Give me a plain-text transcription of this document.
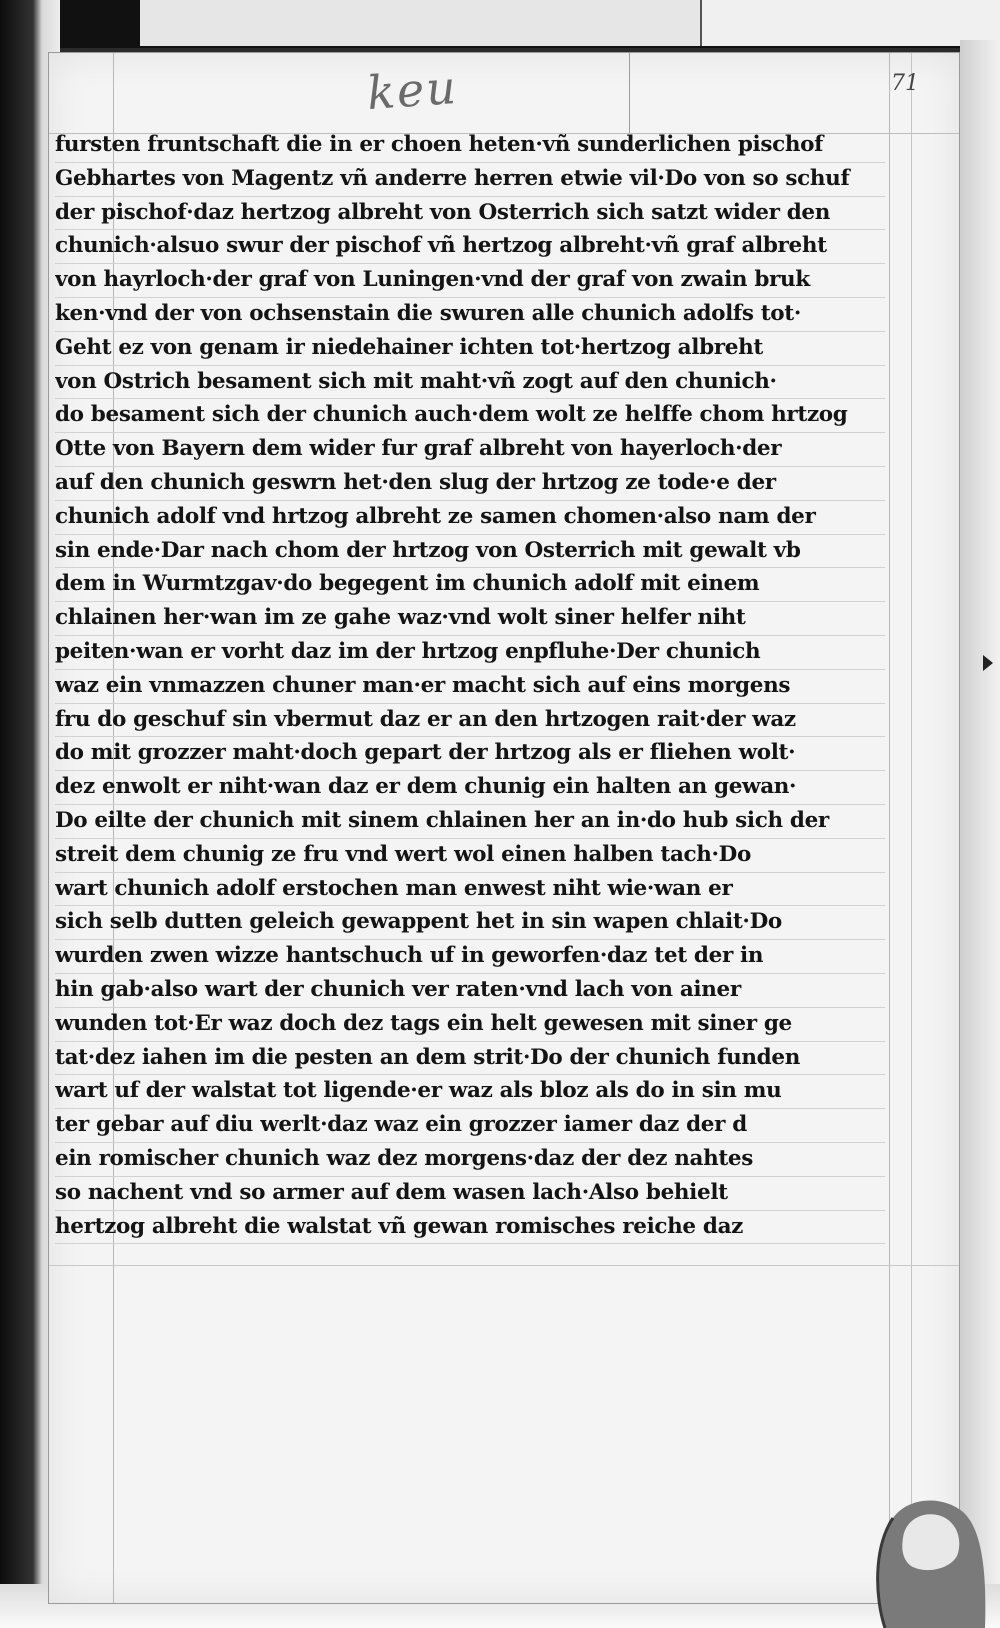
keu	71
fursten fruntschaft die in er choen heten·vñ sunderlichen pischof
Gebhartes von Magentz vñ anderre herren etwie vil·Do von so schuf
der pischof·daz hertzog albreht von Osterrich sich satzt wider den
chunich·alsuo swur der pischof vñ hertzog albreht·vñ graf albreht
von hayrloch·der graf von Luningen·vnd der graf von zwain bruk
ken·vnd der von ochsenstain die swuren alle chunich adolfs tot·
Geht ez von genam ir niedehainer ichten tot·hertzog albreht
von Ostrich besament sich mit maht·vñ zogt auf den chunich·
do besament sich der chunich auch·dem wolt ze helffe chom hrtzog
Otte von Bayern dem wider fur graf albreht von hayerloch·der
auf den chunich geswrn het·den slug der hrtzog ze tode·e der
chunich adolf vnd hrtzog albreht ze samen chomen·also nam der
sin ende·Dar nach chom der hrtzog von Osterrich mit gewalt vb
dem in Wurmtzgav·do begegent im chunich adolf mit einem
chlainen her·wan im ze gahe waz·vnd wolt siner helfer niht
peiten·wan er vorht daz im der hrtzog enpfluhe·Der chunich
waz ein vnmazzen chuner man·er macht sich auf eins morgens
fru do geschuf sin vbermut daz er an den hrtzogen rait·der waz
do mit grozzer maht·doch gepart der hrtzog als er fliehen wolt·
dez enwolt er niht·wan daz er dem chunig ein halten an gewan·
Do eilte der chunich mit sinem chlainen her an in·do hub sich der
streit dem chunig ze fru vnd wert wol einen halben tach·Do
wart chunich adolf erstochen man enwest niht wie·wan er
sich selb dutten geleich gewappent het in sin wapen chlait·Do
wurden zwen wizze hantschuch uf in geworfen·daz tet der in
hin gab·also wart der chunich ver raten·vnd lach von ainer
wunden tot·Er waz doch dez tags ein helt gewesen mit siner ge
tat·dez iahen im die pesten an dem strit·Do der chunich funden
wart uf der walstat tot ligende·er waz als bloz als do in sin mu
ter gebar auf diu werlt·daz waz ein grozzer iamer daz der d
ein romischer chunich waz dez morgens·daz der dez nahtes
so nachent vnd so armer auf dem wasen lach·Also behielt
hertzog albreht die walstat vñ gewan romisches reiche daz
